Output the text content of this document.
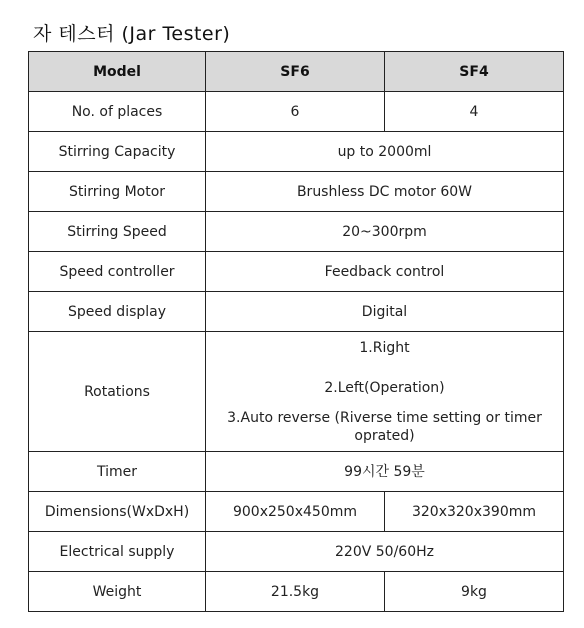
자 테스터 (Jar Tester)
Model	SF6	SF4
No. of places	6	4
Stirring Capacity	up to 2000ml	
Stirring Motor	Brushless DC motor 60W	
Stirring Speed	20~300rpm	
Speed controller	Feedback control	
Speed display	Digital	
Rotations	1.Right
2.Left(Operation)
3.Auto reverse (Riverse time setting or timer oprated)	

Timer	99시간 59분	
Dimensions(WxDxH)	900x250x450mm	320x320x390mm
Electrical supply	220V 50/60Hz	
Weight	21.5kg	9kg
